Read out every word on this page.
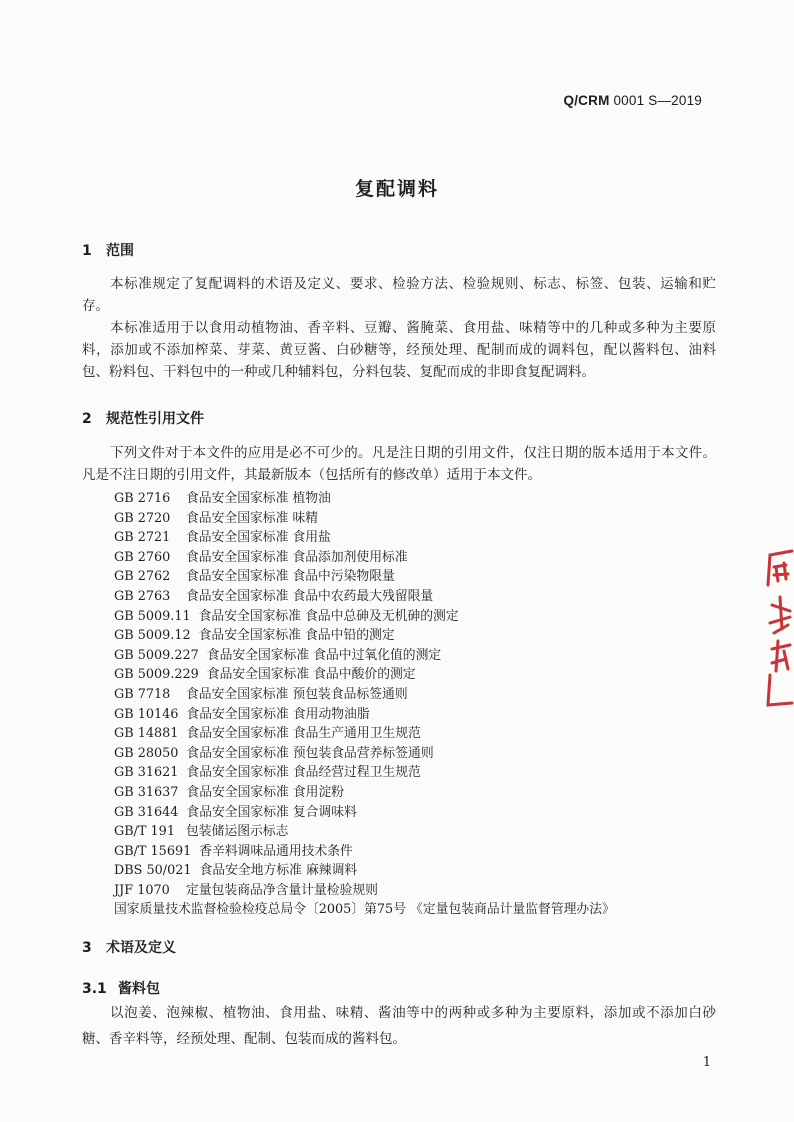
Q/CRM 0001 S—2019
复配调料
1 范围

本标准规定了复配调料的术语及定义、要求、检验方法、检验规则、标志、标签、包装、运输和贮存。

本标准适用于以食用动植物油、香辛料、豆瓣、酱腌菜、食用盐、味精等中的几种或多种为主要原料，添加或不添加榨菜、芽菜、黄豆酱、白砂糖等，经预处理、配制而成的调料包，配以酱料包、油料包、粉料包、干料包中的一种或几种辅料包，分料包装、复配而成的非即食复配调料。

2 规范性引用文件

下列文件对于本文件的应用是必不可少的。凡是注日期的引用文件，仅注日期的版本适用于本文件。凡是不注日期的引用文件，其最新版本（包括所有的修改单）适用于本文件。

GB 2716 食品安全国家标准 植物油
GB 2720 食品安全国家标准 味精
GB 2721 食品安全国家标准 食用盐
GB 2760 食品安全国家标准 食品添加剂使用标准
GB 2762 食品安全国家标准 食品中污染物限量
GB 2763 食品安全国家标准 食品中农药最大残留限量
GB 5009.11 食品安全国家标准 食品中总砷及无机砷的测定
GB 5009.12 食品安全国家标准 食品中铅的测定
GB 5009.227 食品安全国家标准 食品中过氧化值的测定
GB 5009.229 食品安全国家标准 食品中酸价的测定
GB 7718 食品安全国家标准 预包装食品标签通则
GB 10146 食品安全国家标准 食用动物油脂
GB 14881 食品安全国家标准 食品生产通用卫生规范
GB 28050 食品安全国家标准 预包装食品营养标签通则
GB 31621 食品安全国家标准 食品经营过程卫生规范
GB 31637 食品安全国家标准 食用淀粉
GB 31644 食品安全国家标准 复合调味料
GB/T 191 包装储运图示标志
GB/T 15691 香辛料调味品通用技术条件
DBS 50/021 食品安全地方标准 麻辣调料
JJF 1070 定量包装商品净含量计量检验规则
国家质量技术监督检验检疫总局令〔2005〕第75号 《定量包装商品计量监督管理办法》
3 术语及定义
3.1 酱料包

以泡姜、泡辣椒、植物油、食用盐、味精、酱油等中的两种或多种为主要原料，添加或不添加白砂糖、香辛料等，经预处理、配制、包装而成的酱料包。

1
